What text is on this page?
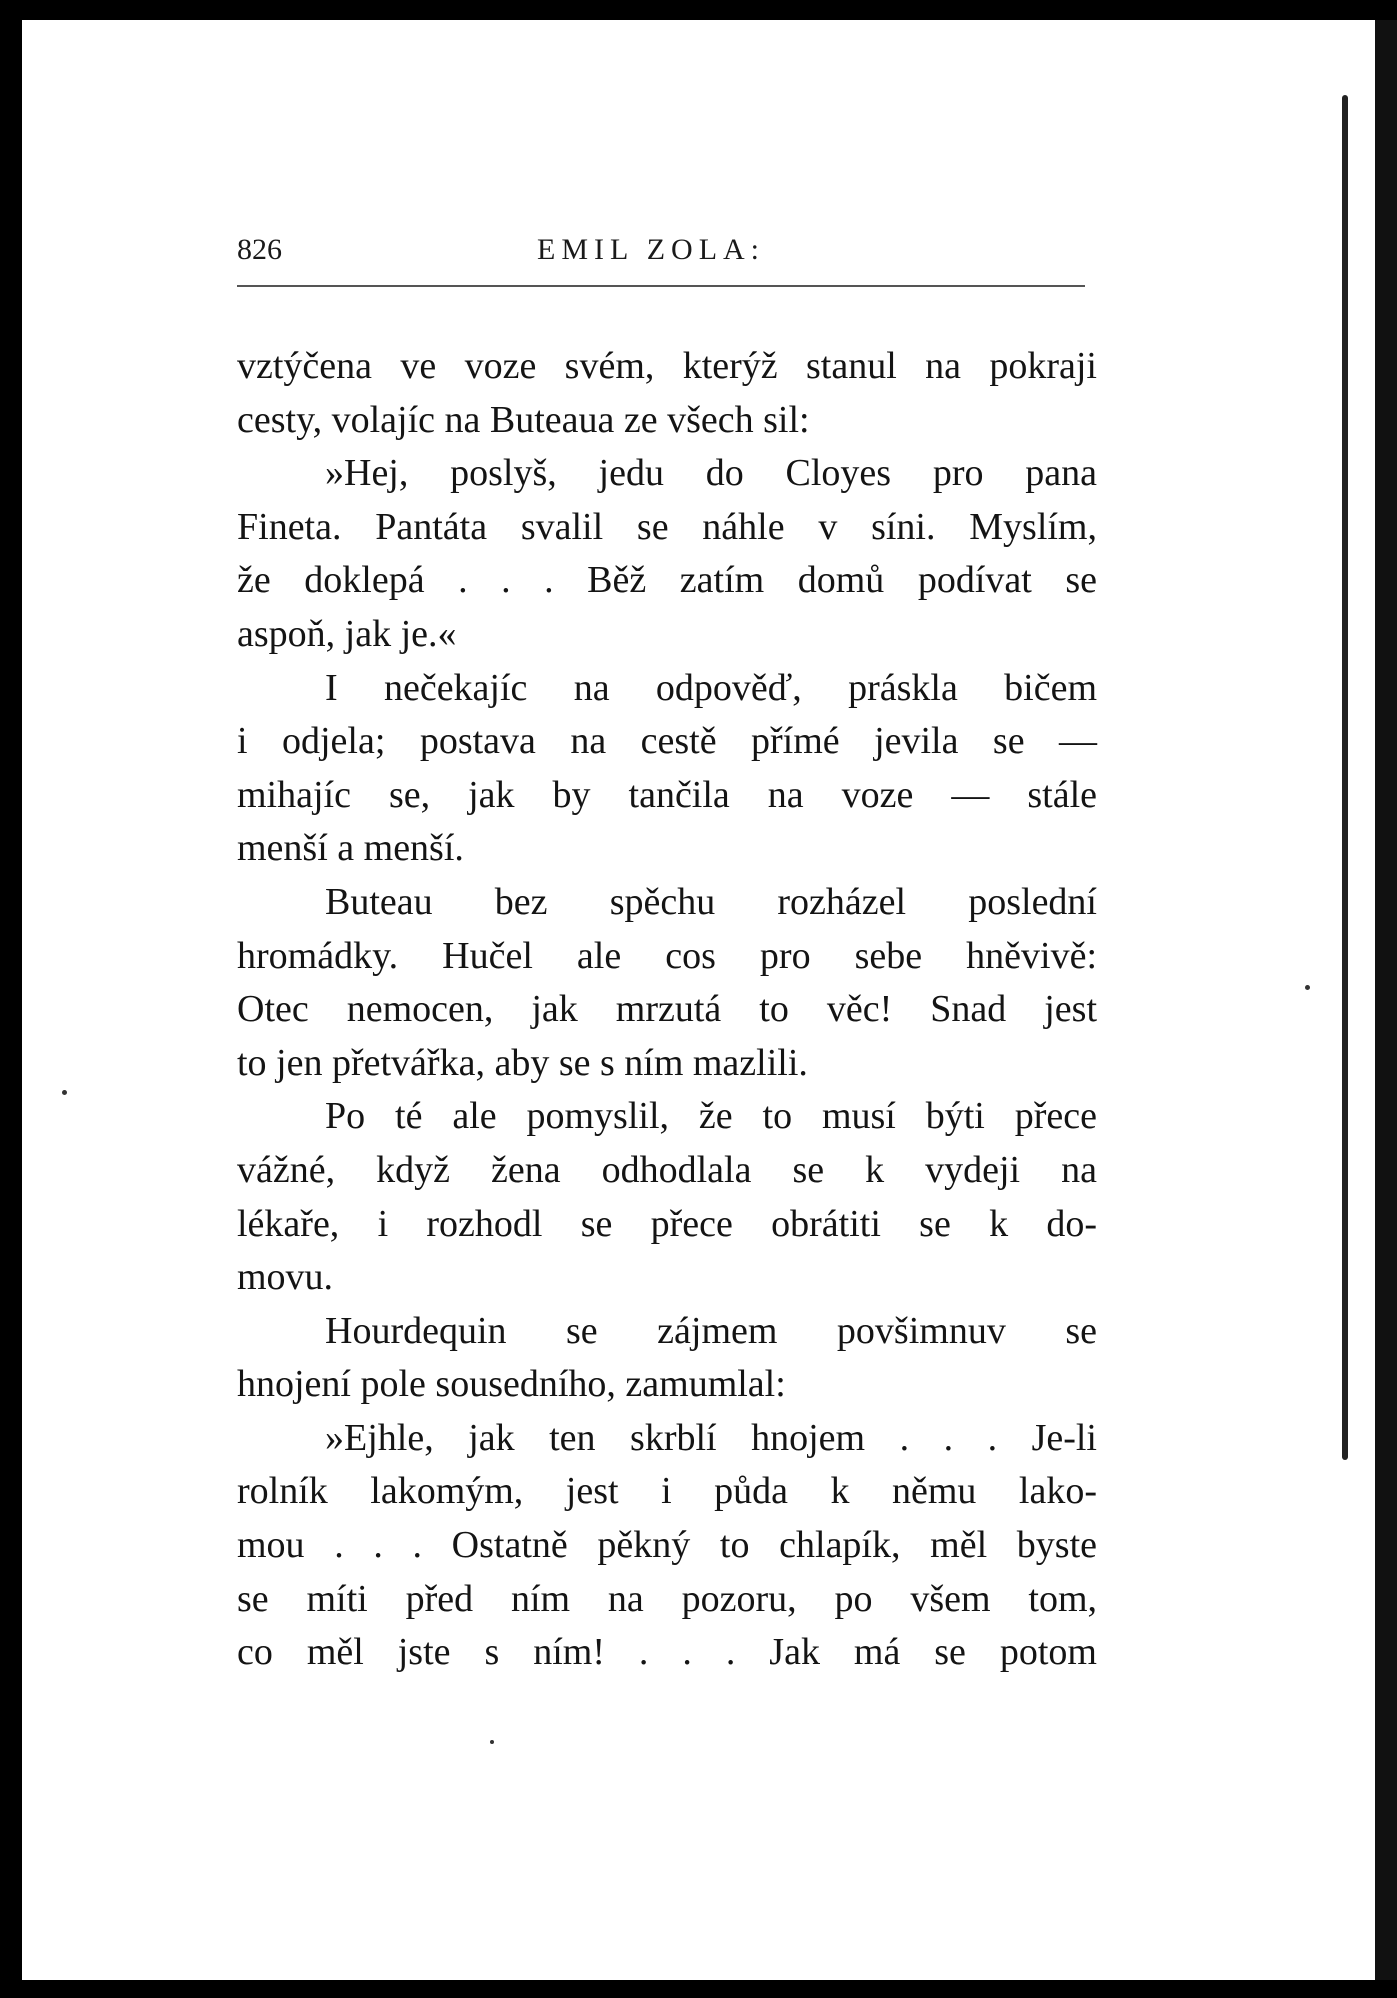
826	EMIL ZOLA:
vztýčena ve voze svém, kterýž stanul na pokraji
cesty, volajíc na Buteaua ze všech sil:
»Hej, poslyš, jedu do Cloyes pro pana
Fineta. Pantáta svalil se náhle v síni. Myslím,
že doklepá . . . Běž zatím domů podívat se
aspoň, jak je.«
I nečekajíc na odpověď, práskla bičem
i odjela; postava na cestě přímé jevila se —
mihajíc se, jak by tančila na voze — stále
menší a menší.
Buteau bez spěchu rozházel poslední
hromádky. Hučel ale cos pro sebe hněvivě:
Otec nemocen, jak mrzutá to věc! Snad jest
to jen přetvářka, aby se s ním mazlili.
Po té ale pomyslil, že to musí býti přece
vážné, když žena odhodlala se k vydeji na
lékaře, i rozhodl se přece obrátiti se k do-
movu.
Hourdequin se zájmem povšimnuv se
hnojení pole sousedního, zamumlal:
»Ejhle, jak ten skrblí hnojem . . . Je-li
rolník lakomým, jest i půda k němu lako-
mou . . . Ostatně pěkný to chlapík, měl byste
se míti před ním na pozoru, po všem tom,
co měl jste s ním! . . . Jak má se potom
